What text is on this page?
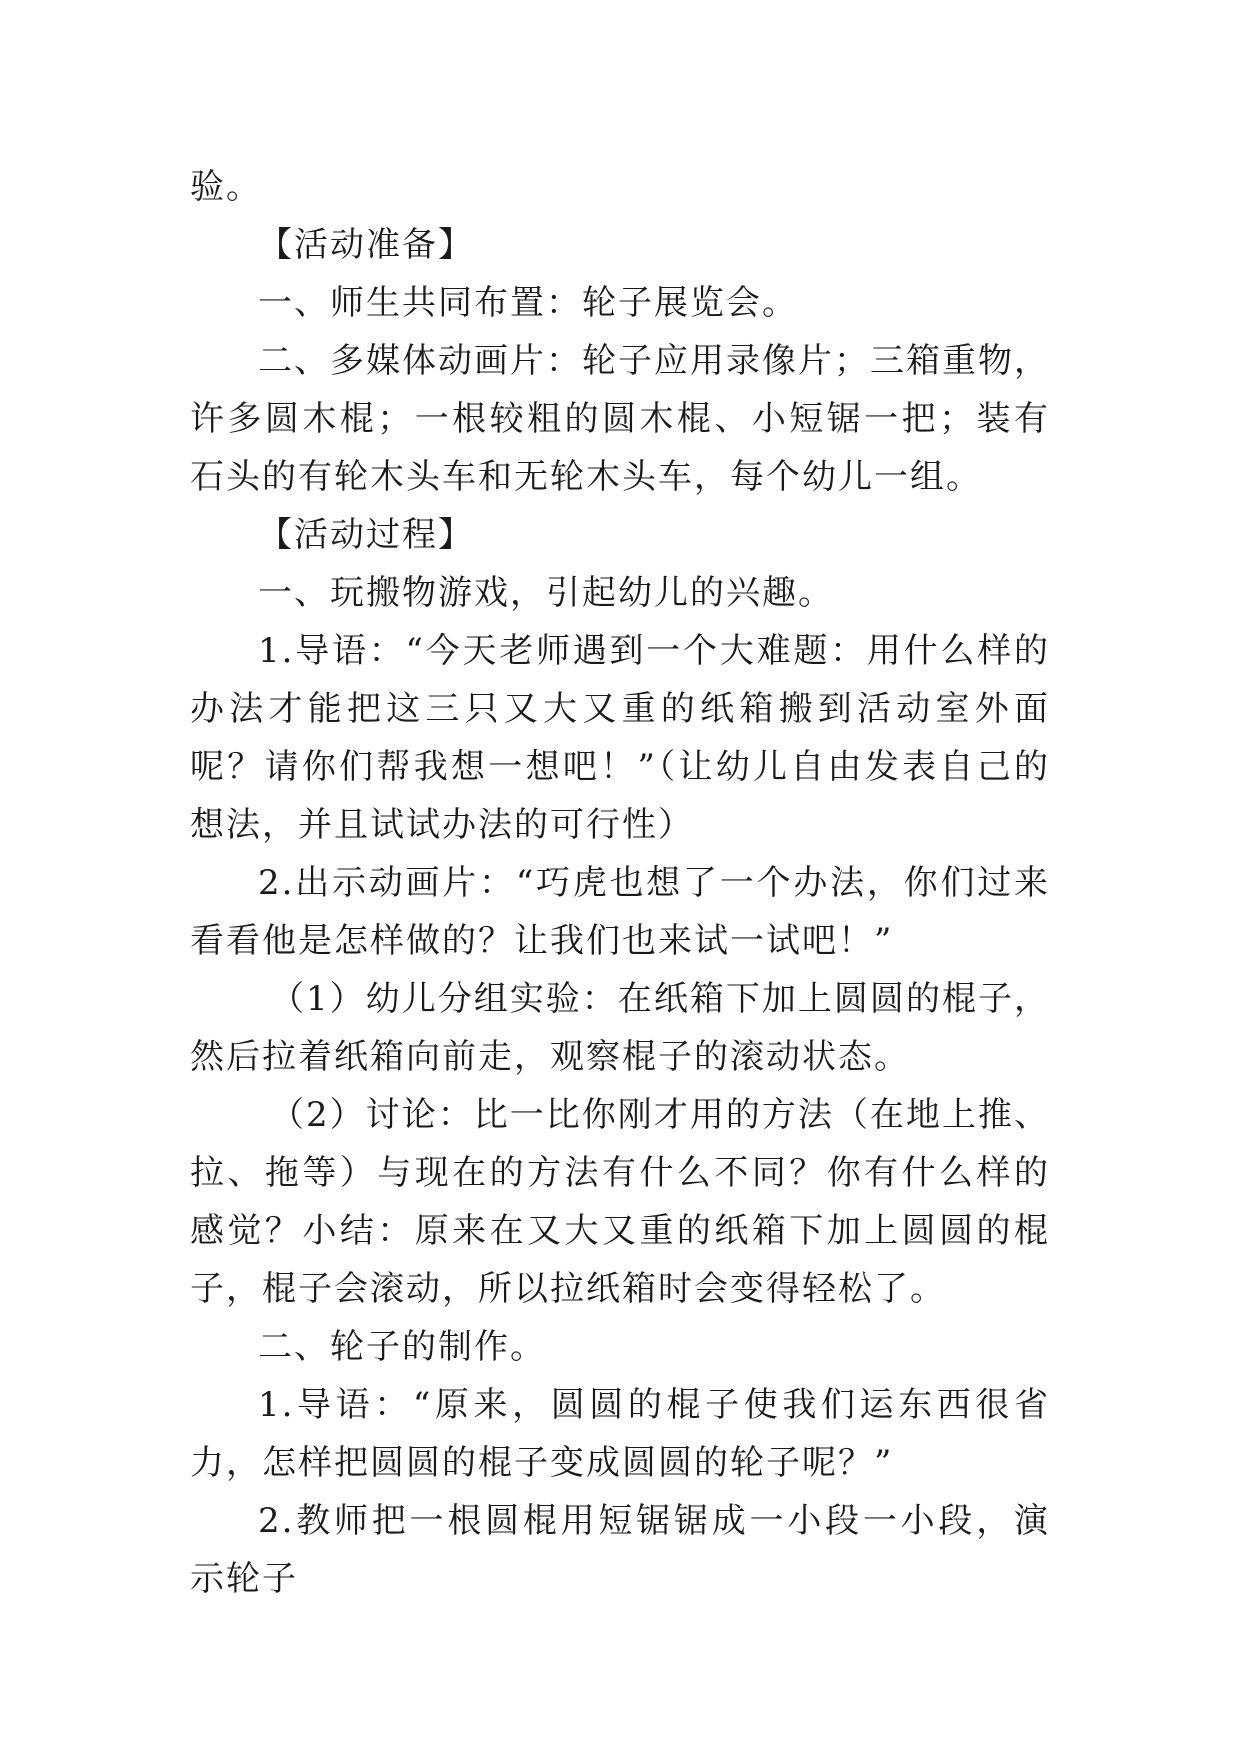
验。

【活动准备】

一、师生共同布置：轮子展览会。

二、多媒体动画片：轮子应用录像片；三箱重物，许多圆木棍；一根较粗的圆木棍、小短锯一把；装有石头的有轮木头车和无轮木头车，每个幼儿一组。

【活动过程】

一、玩搬物游戏，引起幼儿的兴趣。

1.导语：“今天老师遇到一个大难题：用什么样的办法才能把这三只又大又重的纸箱搬到活动室外面呢？请你们帮我想一想吧！”（让幼儿自由发表自己的想法，并且试试办法的可行性）

2.出示动画片：“巧虎也想了一个办法，你们过来看看他是怎样做的？让我们也来试一试吧！”

（1）幼儿分组实验：在纸箱下加上圆圆的棍子，然后拉着纸箱向前走，观察棍子的滚动状态。

（2）讨论：比一比你刚才用的方法（在地上推、拉、拖等）与现在的方法有什么不同？你有什么样的感觉？小结：原来在又大又重的纸箱下加上圆圆的棍子，棍子会滚动，所以拉纸箱时会变得轻松了。

二、轮子的制作。

1.导语：“原来，圆圆的棍子使我们运东西很省力，怎样把圆圆的棍子变成圆圆的轮子呢？”

2.教师把一根圆棍用短锯锯成一小段一小段，演示轮子
